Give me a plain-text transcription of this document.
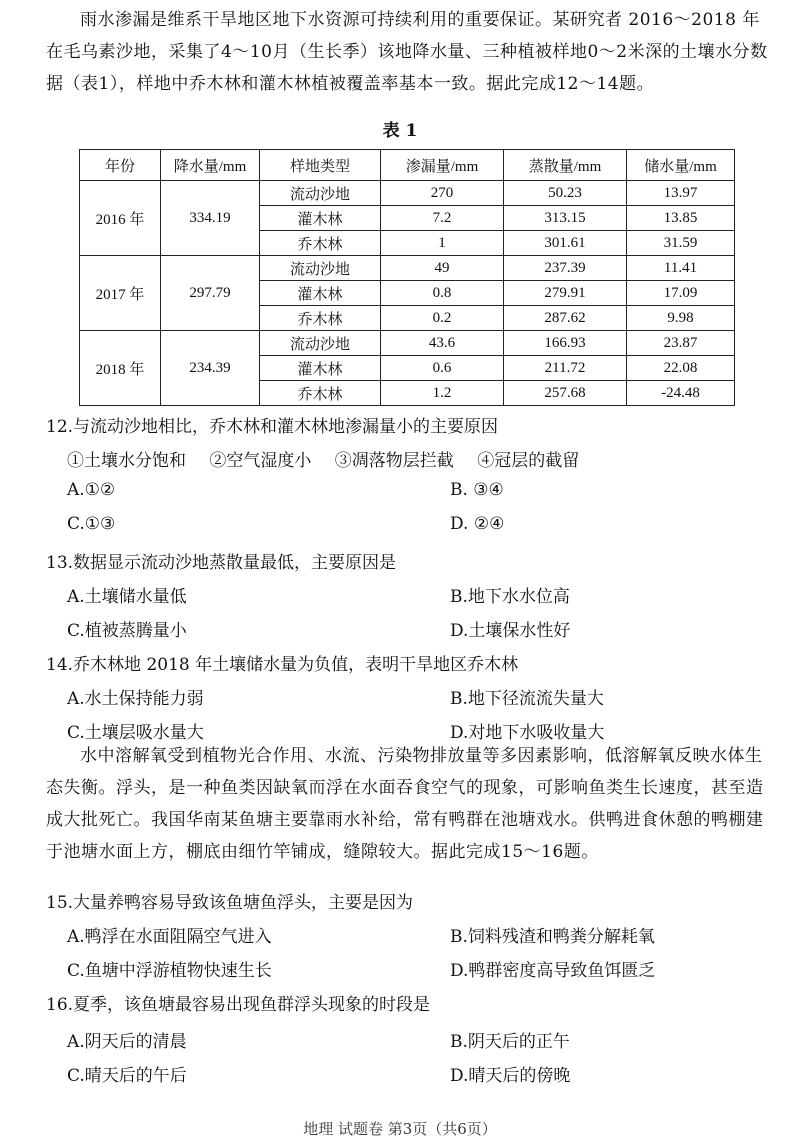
雨水渗漏是维系干旱地区地下水资源可持续利用的重要保证。某研究者 2016～2018 年在毛乌素沙地，采集了4～10月（生长季）该地降水量、三种植被样地0～2米深的土壤水分数据（表1），样地中乔木林和灌木林植被覆盖率基本一致。据此完成12～14题。
表 1
年份	降水量/mm	样地类型	渗漏量/mm	蒸散量/mm	储水量/mm
2016 年	334.19	流动沙地	270	50.23	13.97
		灌木林	7.2	313.15	13.85
		乔木林	1	301.61	31.59
2017 年	297.79	流动沙地	49	237.39	11.41
		灌木林	0.8	279.91	17.09
		乔木林	0.2	287.62	9.98
2018 年	234.39	流动沙地	43.6	166.93	23.87
		灌木林	0.6	211.72	22.08
		乔木林	1.2	257.68	-24.48
12.与流动沙地相比，乔木林和灌木林地渗漏量小的主要原因
①土壤水分饱和 ②空气湿度小 ③凋落物层拦截 ④冠层的截留
A.①②	B. ③④
C.①③	D. ②④
13.数据显示流动沙地蒸散量最低，主要原因是
A.土壤储水量低	B.地下水水位高
C.植被蒸腾量小	D.土壤保水性好
14.乔木林地 2018 年土壤储水量为负值，表明干旱地区乔木林
A.水土保持能力弱	B.地下径流流失量大
C.土壤层吸水量大	D.对地下水吸收量大
水中溶解氧受到植物光合作用、水流、污染物排放量等多因素影响，低溶解氧反映水体生态失衡。浮头，是一种鱼类因缺氧而浮在水面吞食空气的现象，可影响鱼类生长速度，甚至造成大批死亡。我国华南某鱼塘主要靠雨水补给，常有鸭群在池塘戏水。供鸭进食休憩的鸭棚建于池塘水面上方，棚底由细竹竿铺成，缝隙较大。据此完成15～16题。
15.大量养鸭容易导致该鱼塘鱼浮头，主要是因为
A.鸭浮在水面阻隔空气进入	B.饲料残渣和鸭粪分解耗氧
C.鱼塘中浮游植物快速生长	D.鸭群密度高导致鱼饵匮乏
16.夏季，该鱼塘最容易出现鱼群浮头现象的时段是
A.阴天后的清晨	B.阴天后的正午
C.晴天后的午后	D.晴天后的傍晚
地理 试题卷 第3页（共6页）
